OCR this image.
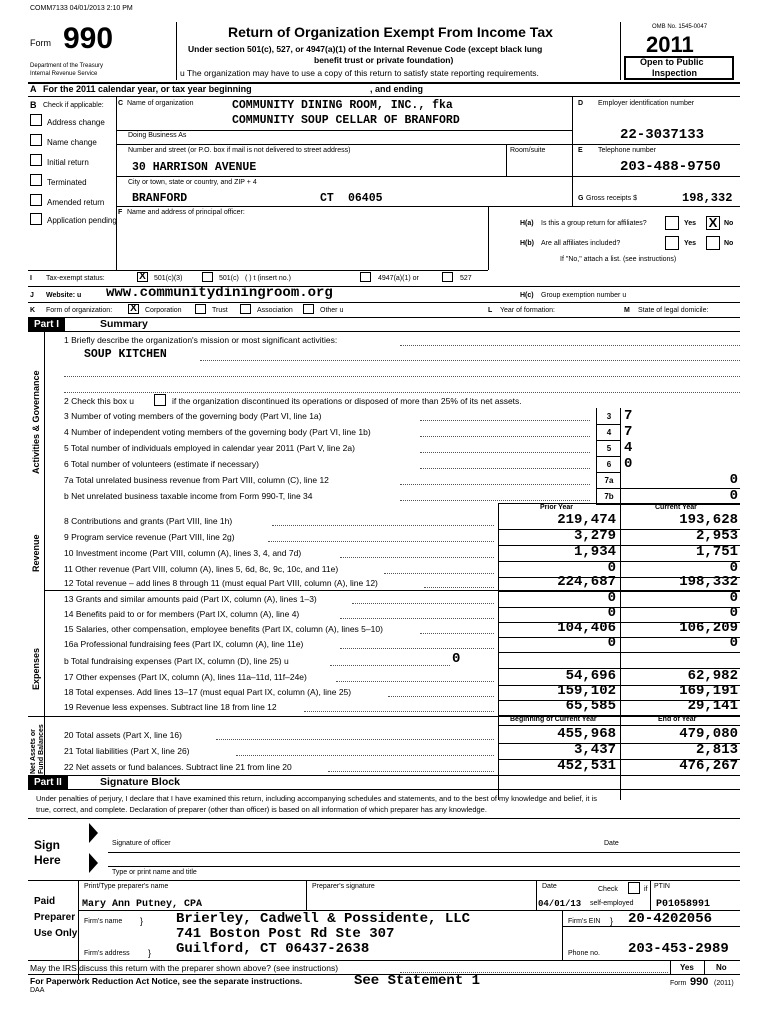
COMM7133 04/01/2013 2:10 PM
Form 990
Department of the Treasury
Internal Revenue Service
Return of Organization Exempt From Income Tax
Under section 501(c), 527, or 4947(a)(1) of the Internal Revenue Code (except black lung
benefit trust or private foundation)
u The organization may have to use a copy of this return to satisfy state reporting requirements.
OMB No. 1545-0047
2011
Open to Public
Inspection
A For the 2011 calendar year, or tax year beginning	, and ending
B Check if applicable:
Address change
Name change
Initial return
Terminated
Amended return
Application pending
C Name of organization	COMMUNITY DINING ROOM, INC., fka
COMMUNITY SOUP CELLAR OF BRANFORD
Doing Business As
Number and street (or P.O. box if mail is not delivered to street address)	Room/suite
30 HARRISON AVENUE
City or town, state or country, and ZIP + 4
BRANFORD	CT 06405
D Employer identification number
22-3037133
E Telephone number
203-488-9750
G Gross receipts $	198,332
F Name and address of principal officer:
H(a) Is this a group return for affiliates?	Yes X No
H(b) Are all affiliates included?	Yes	No
If "No," attach a list. (see instructions)
I Tax-exempt status:	X	501(c)(3)	501(c) ( ) t (insert no.)	4947(a)(1) or	527
J Website: u www.communitydiningroom.org	H(c) Group exemption number u
K Form of organization: X	Corporation	Trust	Association	Other u	L Year of formation:	M State of legal domicile:
Part I	Summary
Activities & Governance
Revenue
Expenses
Net Assets or
Fund Balances
1 Briefly describe the organization's mission or most significant activities:
SOUP KITCHEN
2 Check this box u	if the organization discontinued its operations or disposed of more than 25% of its net assets.
3 Number of voting members of the governing body (Part VI, line 1a)	3 7
4 Number of independent voting members of the governing body (Part VI, line 1b)	4 7
5 Total number of individuals employed in calendar year 2011 (Part V, line 2a)	5 4
6 Total number of volunteers (estimate if necessary)	6 0
7a Total unrelated business revenue from Part VIII, column (C), line 12	7a	0
b Net unrelated business taxable income from Form 990-T, line 34	7b	0
Prior Year	Current Year
8 Contributions and grants (Part VIII, line 1h)	219,474	193,628
9 Program service revenue (Part VIII, line 2g)	3,279	2,953
10 Investment income (Part VIII, column (A), lines 3, 4, and 7d)	1,934	1,751
11 Other revenue (Part VIII, column (A), lines 5, 6d, 8c, 9c, 10c, and 11e)	0	0
12 Total revenue – add lines 8 through 11 (must equal Part VIII, column (A), line 12)	224,687	198,332
13 Grants and similar amounts paid (Part IX, column (A), lines 1–3)	0	0
14 Benefits paid to or for members (Part IX, column (A), line 4)	0	0
15 Salaries, other compensation, employee benefits (Part IX, column (A), lines 5–10)	104,406	106,209
16a Professional fundraising fees (Part IX, column (A), line 11e)	0	0
b Total fundraising expenses (Part IX, column (D), line 25) u	0
17 Other expenses (Part IX, column (A), lines 11a–11d, 11f–24e)	54,696	62,982
18 Total expenses. Add lines 13–17 (must equal Part IX, column (A), line 25)	159,102	169,191
19 Revenue less expenses. Subtract line 18 from line 12	65,585	29,141
Beginning of Current Year	End of Year
20 Total assets (Part X, line 16)	455,968	479,080
21 Total liabilities (Part X, line 26)	3,437	2,813
22 Net assets or fund balances. Subtract line 21 from line 20	452,531	476,267
Part II	Signature Block
Under penalties of perjury, I declare that I have examined this return, including accompanying schedules and statements, and to the best of my knowledge and belief, it is
true, correct, and complete. Declaration of preparer (other than officer) is based on all information of which preparer has any knowledge.
Sign
Here
Signature of officer	Date
Type or print name and title
Paid
Preparer
Use Only
Print/Type preparer's name	Preparer's signature	Date	Check	if PTIN
Mary Ann Putney, CPA	04/01/13 self-employed P01058991
Firm's name } Brierley, Cadwell & Possidente, LLC	Firm's EIN } 20-4202056
741 Boston Post Rd Ste 307
Firm's address } Guilford, CT 06437-2638	Phone no. 203-453-2989
May the IRS discuss this return with the preparer shown above? (see instructions)	Yes	No
For Paperwork Reduction Act Notice, see the separate instructions.	See Statement 1
DAA
Form 990 (2011)
